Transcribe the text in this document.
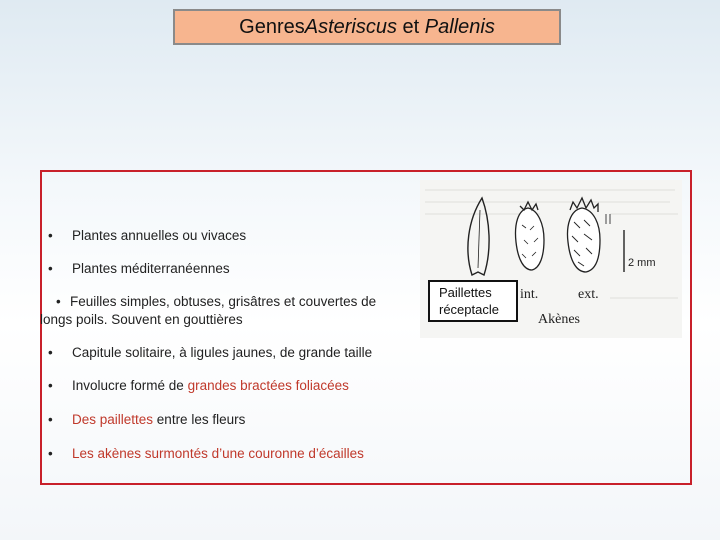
Genres Asteriscus et Pallenis
• Plantes annuelles ou vivaces
• Plantes méditerranéennes
• Feuilles simples, obtuses, grisâtres et couvertes de longs poils. Souvent en gouttières
• Capitule solitaire, à ligules jaunes, de grande taille
• Involucre formé de grandes bractées foliacées
• Des paillettes entre les fleurs
• Les akènes surmontés d’une couronne d’écailles
2 mm
int.	ext.
Akènes
Paillettes
réceptacle
